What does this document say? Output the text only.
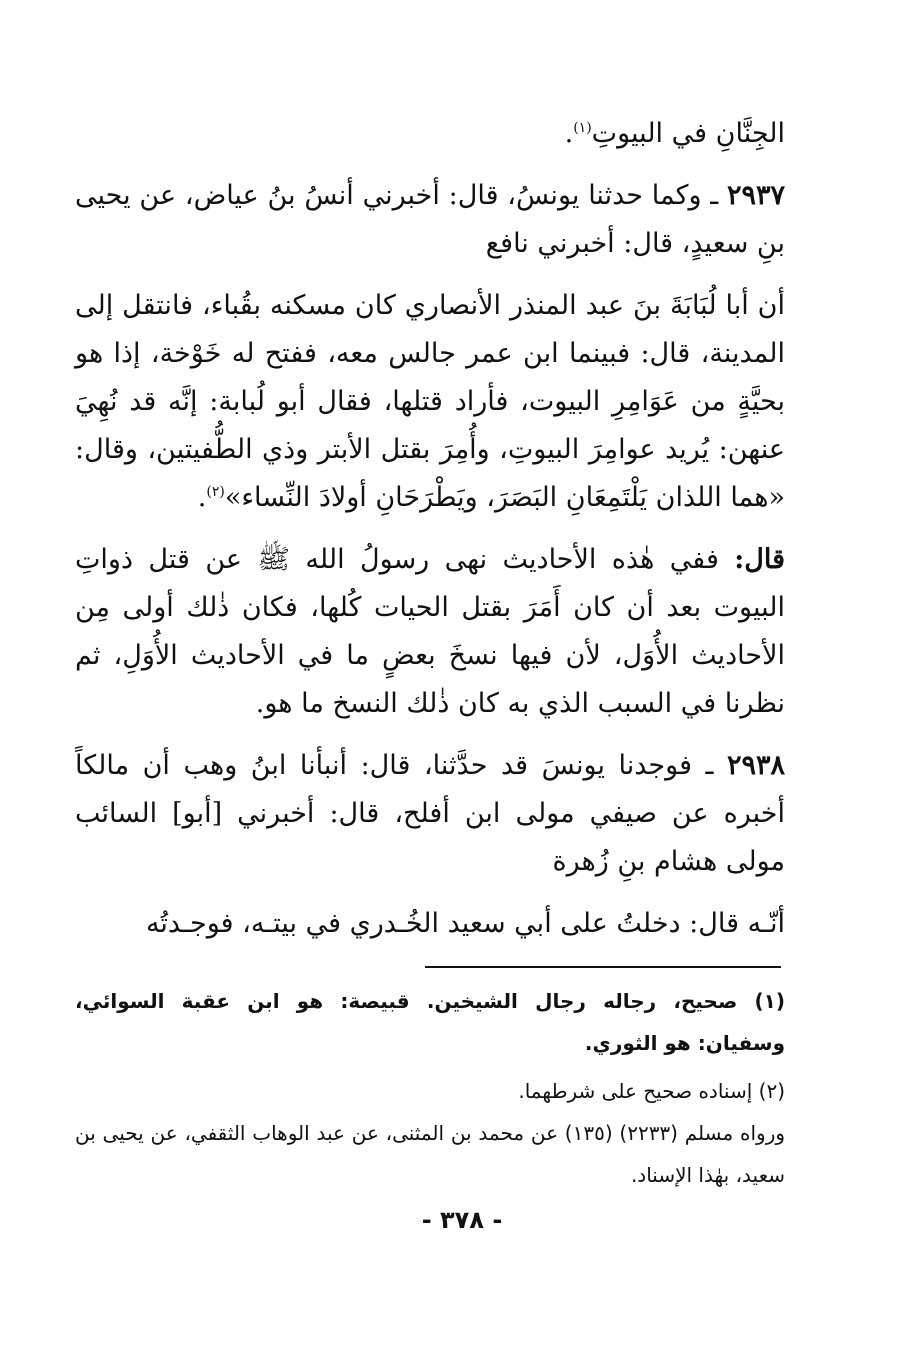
الجِنَّانِ في البيوتِ$^{(١)}$.

٢٩٣٧ ـ وكما حدثنا يونسُ، قال: أخبرني أنسُ بنُ عياض، عن يحيى بنِ سعيدٍ، قال: أخبرني نافع

أن أبا لُبَابَةَ بنَ عبد المنذر الأنصاري كان مسكنه بقُباء، فانتقل إلى المدينة، قال: فبينما ابن عمر جالس معه، ففتح له خَوْخة، إذا هو بحيَّةٍ من عَوَامِرِ البيوت، فأراد قتلها، فقال أبو لُبابة: إنَّه قد نُهِيَ عنهن: يُريد عوامِرَ البيوتِ، وأُمِرَ بقتل الأبتر وذي الطُّفيتين، وقال: «هما اللذان يَلْتَمِعَانِ البَصَرَ، ويَطْرَحَانِ أولادَ النِّساء»$^{(٢)}$.

قال: ففي هٰذه الأحاديث نهى رسولُ الله ﷺ عن قتل ذواتِ البيوت بعد أن كان أَمَرَ بقتل الحيات كُلها، فكان ذٰلك أولى مِن الأحاديث الأُوَل، لأن فيها نسخَ بعضٍ ما في الأحاديث الأُوَلِ، ثم نظرنا في السبب الذي به كان ذٰلك النسخ ما هو.

٢٩٣٨ ـ فوجدنا يونسَ قد حدَّثنا، قال: أنبأنا ابنُ وهب أن مالكاً أخبره عن صيفي مولى ابن أفلح، قال: أخبرني [أبو] السائب مولى هشام بنِ زُهرة

أنّـه قال: دخلتُ على أبي سعيد الخُـدري في بيتـه، فوجـدتُه

(١) صحيح، رجاله رجال الشيخين. قبيصة: هو ابن عقبة السوائي، وسفيان: هو الثوري.

(٢) إسناده صحيح على شرطهما.

ورواه مسلم (٢٢٣٣) (١٣٥) عن محمد بن المثنى، عن عبد الوهاب الثقفي، عن يحيى بن سعيد، بهٰذا الإسناد.

- ٣٧٨ -
